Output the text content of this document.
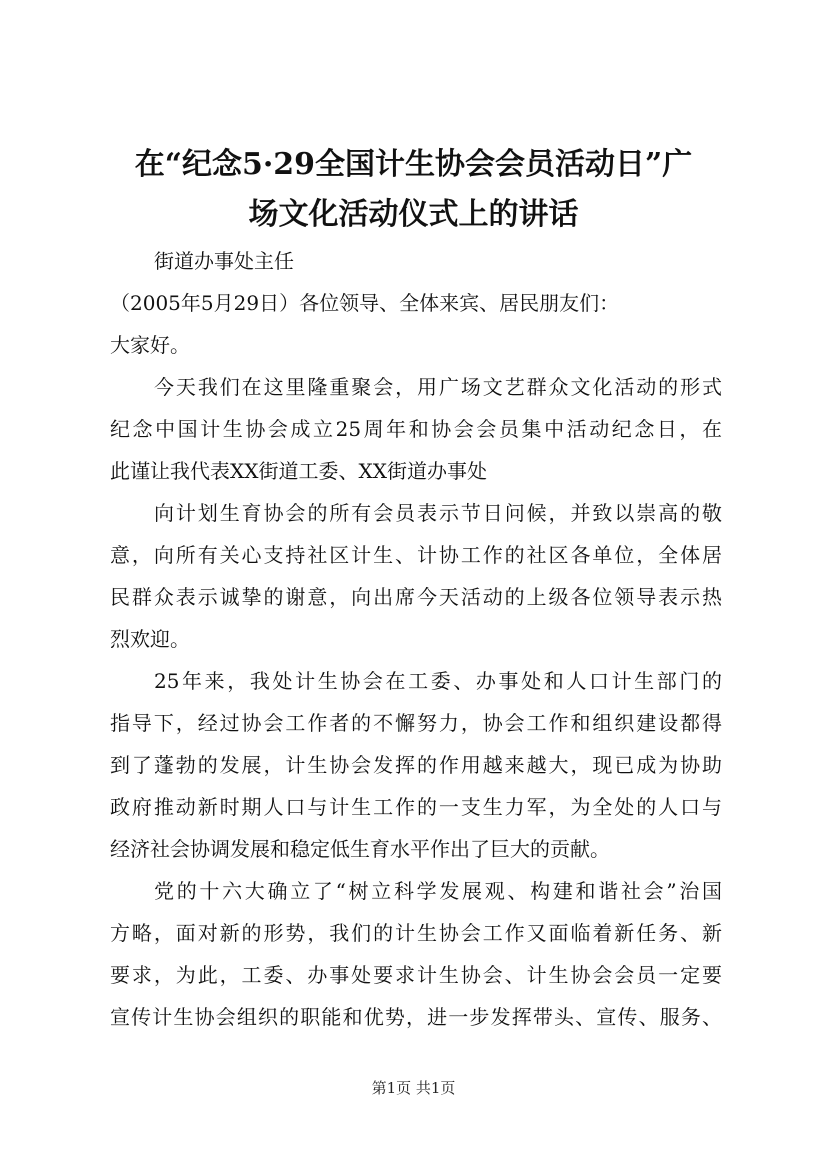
在“纪念5·29全国计生协会会员活动日”广
场文化活动仪式上的讲话

街道办事处主任

（2005年5月29日）各位领导、全体来宾、居民朋友们：

大家好。

今天我们在这里隆重聚会，用广场文艺群众文化活动的形式
纪念中国计生协会成立25周年和协会会员集中活动纪念日，在
此谨让我代表XX街道工委、XX街道办事处

向计划生育协会的所有会员表示节日问候，并致以崇高的敬
意，向所有关心支持社区计生、计协工作的社区各单位，全体居
民群众表示诚挚的谢意，向出席今天活动的上级各位领导表示热
烈欢迎。

25年来，我处计生协会在工委、办事处和人口计生部门的
指导下，经过协会工作者的不懈努力，协会工作和组织建设都得
到了蓬勃的发展，计生协会发挥的作用越来越大，现已成为协助
政府推动新时期人口与计生工作的一支生力军，为全处的人口与
经济社会协调发展和稳定低生育水平作出了巨大的贡献。

党的十六大确立了“树立科学发展观、构建和谐社会”治国
方略，面对新的形势，我们的计生协会工作又面临着新任务、新
要求，为此，工委、办事处要求计生协会、计生协会会员一定要
宣传计生协会组织的职能和优势，进一步发挥带头、宣传、服务、

第1页 共1页
